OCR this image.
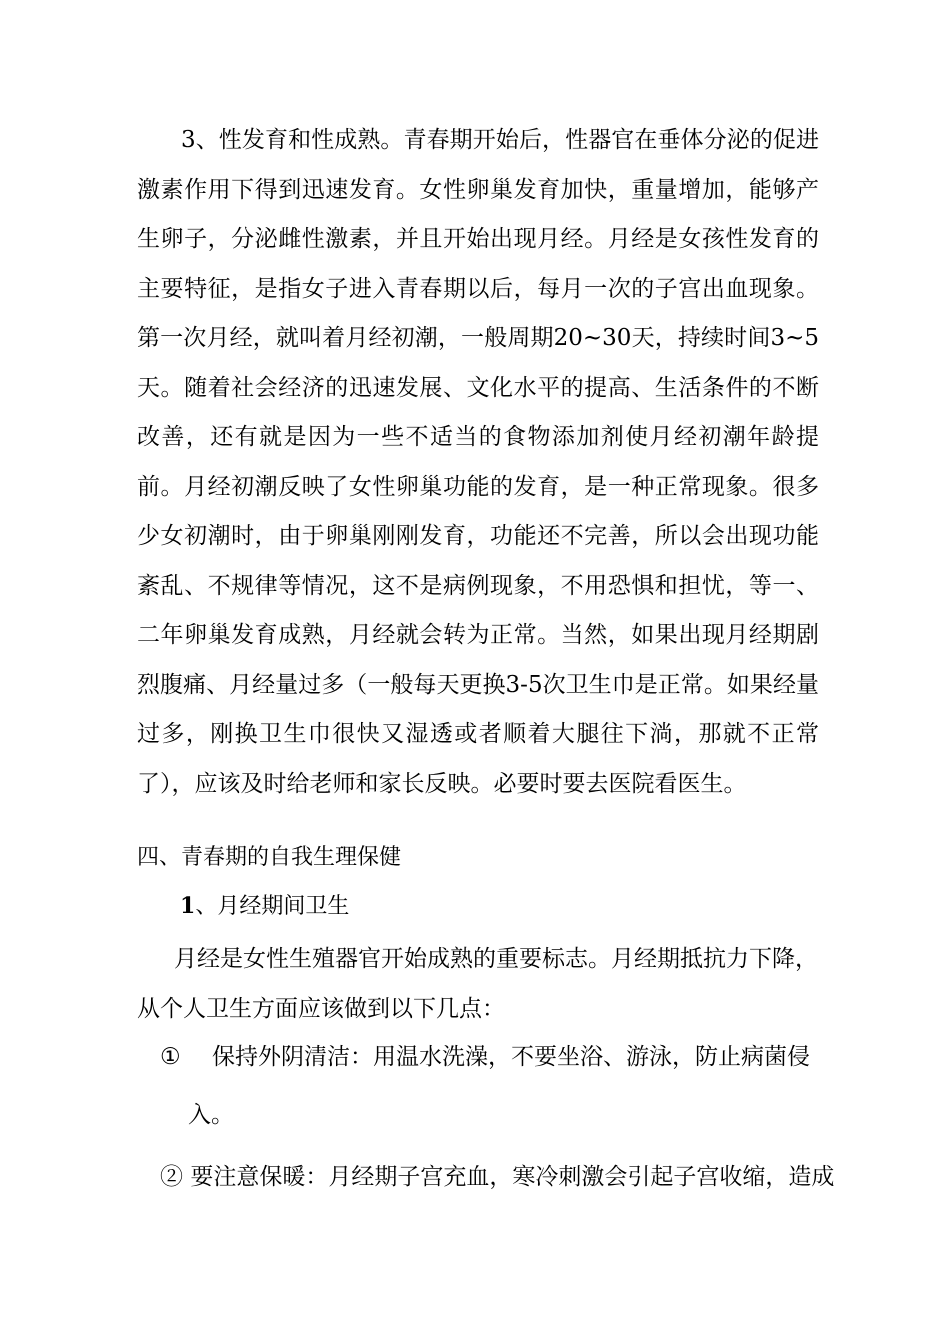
3、性发育和性成熟。青春期开始后，性器官在垂体分泌的促进激素作用下得到迅速发育。女性卵巢发育加快，重量增加，能够产生卵子，分泌雌性激素，并且开始出现月经。月经是女孩性发育的主要特征，是指女子进入青春期以后，每月一次的子宫出血现象。第一次月经，就叫着月经初潮，一般周期20~30天，持续时间3~5天。随着社会经济的迅速发展、文化水平的提高、生活条件的不断改善，还有就是因为一些不适当的食物添加剂使月经初潮年龄提前。月经初潮反映了女性卵巢功能的发育，是一种正常现象。很多少女初潮时，由于卵巢刚刚发育，功能还不完善，所以会出现功能紊乱、不规律等情况，这不是病例现象，不用恐惧和担忧，等一、二年卵巢发育成熟，月经就会转为正常。当然，如果出现月经期剧烈腹痛、月经量过多（一般每天更换3-5次卫生巾是正常。如果经量过多，刚换卫生巾很快又湿透或者顺着大腿往下淌，那就不正常了），应该及时给老师和家长反映。必要时要去医院看医生。

四、青春期的自我生理保健
1、月经期间卫生

月经是女性生殖器官开始成熟的重要标志。月经期抵抗力下降，从个人卫生方面应该做到以下几点：

① 保持外阴清洁：用温水洗澡，不要坐浴、游泳，防止病菌侵
入。
② 要注意保暖：月经期子宫充血，寒冷刺激会引起子宫收缩，造成
